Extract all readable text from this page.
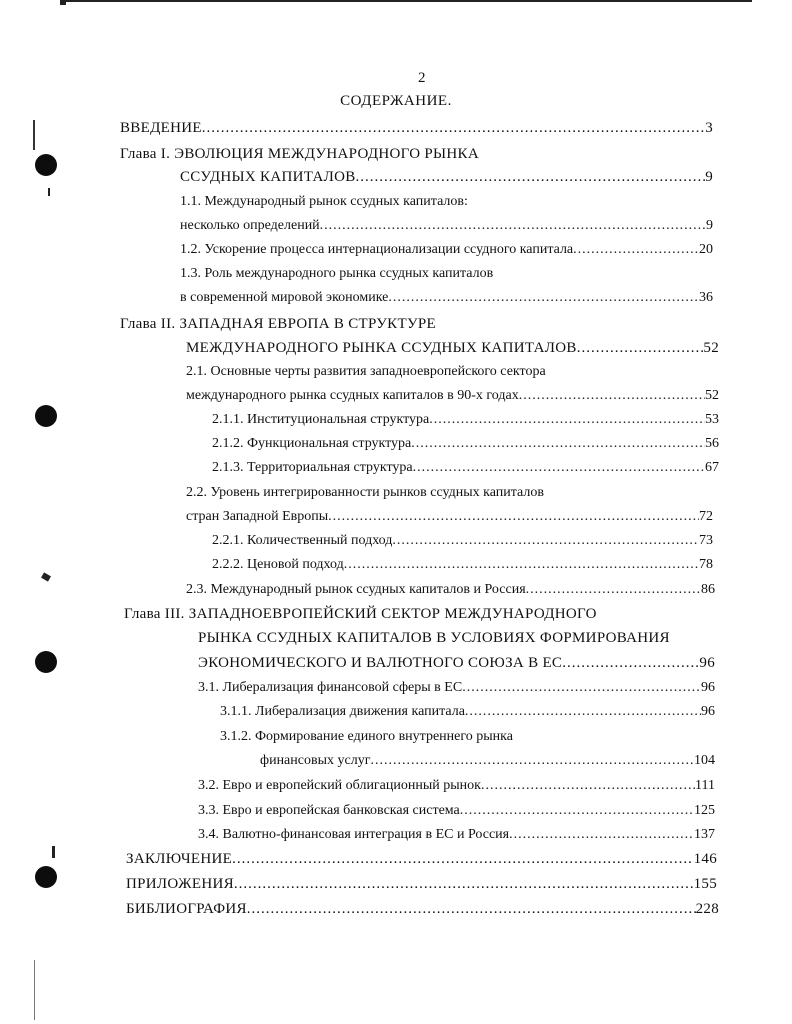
2
СОДЕРЖАНИЕ.
ВВЕДЕНИЕ .....	3
Глава I. ЭВОЛЮЦИЯ МЕЖДУНАРОДНОГО РЫНКА
ССУДНЫХ КАПИТАЛОВ .....	9
1.1. Международный рынок ссудных капиталов:
несколько определений .....	9
1.2. Ускорение процесса интернационализации ссудного капитала .....	20
1.3. Роль международного рынка ссудных капиталов
в современной мировой экономике .....	36
Глава II. ЗАПАДНАЯ ЕВРОПА В СТРУКТУРЕ
МЕЖДУНАРОДНОГО РЫНКА ССУДНЫХ КАПИТАЛОВ .....	52
2.1. Основные черты развития западноевропейского сектора
международного рынка ссудных капиталов в 90-х годах .....	52
2.1.1. Институциональная структура .....	53
2.1.2. Функциональная структура .....	56
2.1.3. Территориальная структура .....	67
2.2. Уровень интегрированности рынков ссудных капиталов
стран Западной Европы .....	72
2.2.1. Количественный подход .....	73
2.2.2. Ценовой подход .....	78
2.3. Международный рынок ссудных капиталов и Россия .....	86
Глава III. ЗАПАДНОЕВРОПЕЙСКИЙ СЕКТОР МЕЖДУНАРОДНОГО
РЫНКА ССУДНЫХ КАПИТАЛОВ В УСЛОВИЯХ ФОРМИРОВАНИЯ
ЭКОНОМИЧЕСКОГО И ВАЛЮТНОГО СОЮЗА В ЕС .....	96
3.1. Либерализация финансовой сферы в ЕС .....	96
3.1.1. Либерализация движения капитала .....	96
3.1.2. Формирование единого внутреннего рынка
финансовых услуг .....	104
3.2. Евро и европейский облигационный рынок .....	111
3.3. Евро и европейская банковская система .....	125
3.4. Валютно-финансовая интеграция в ЕС и Россия .....	137
ЗАКЛЮЧЕНИЕ .....	146
ПРИЛОЖЕНИЯ .....	155
БИБЛИОГРАФИЯ .....	228
